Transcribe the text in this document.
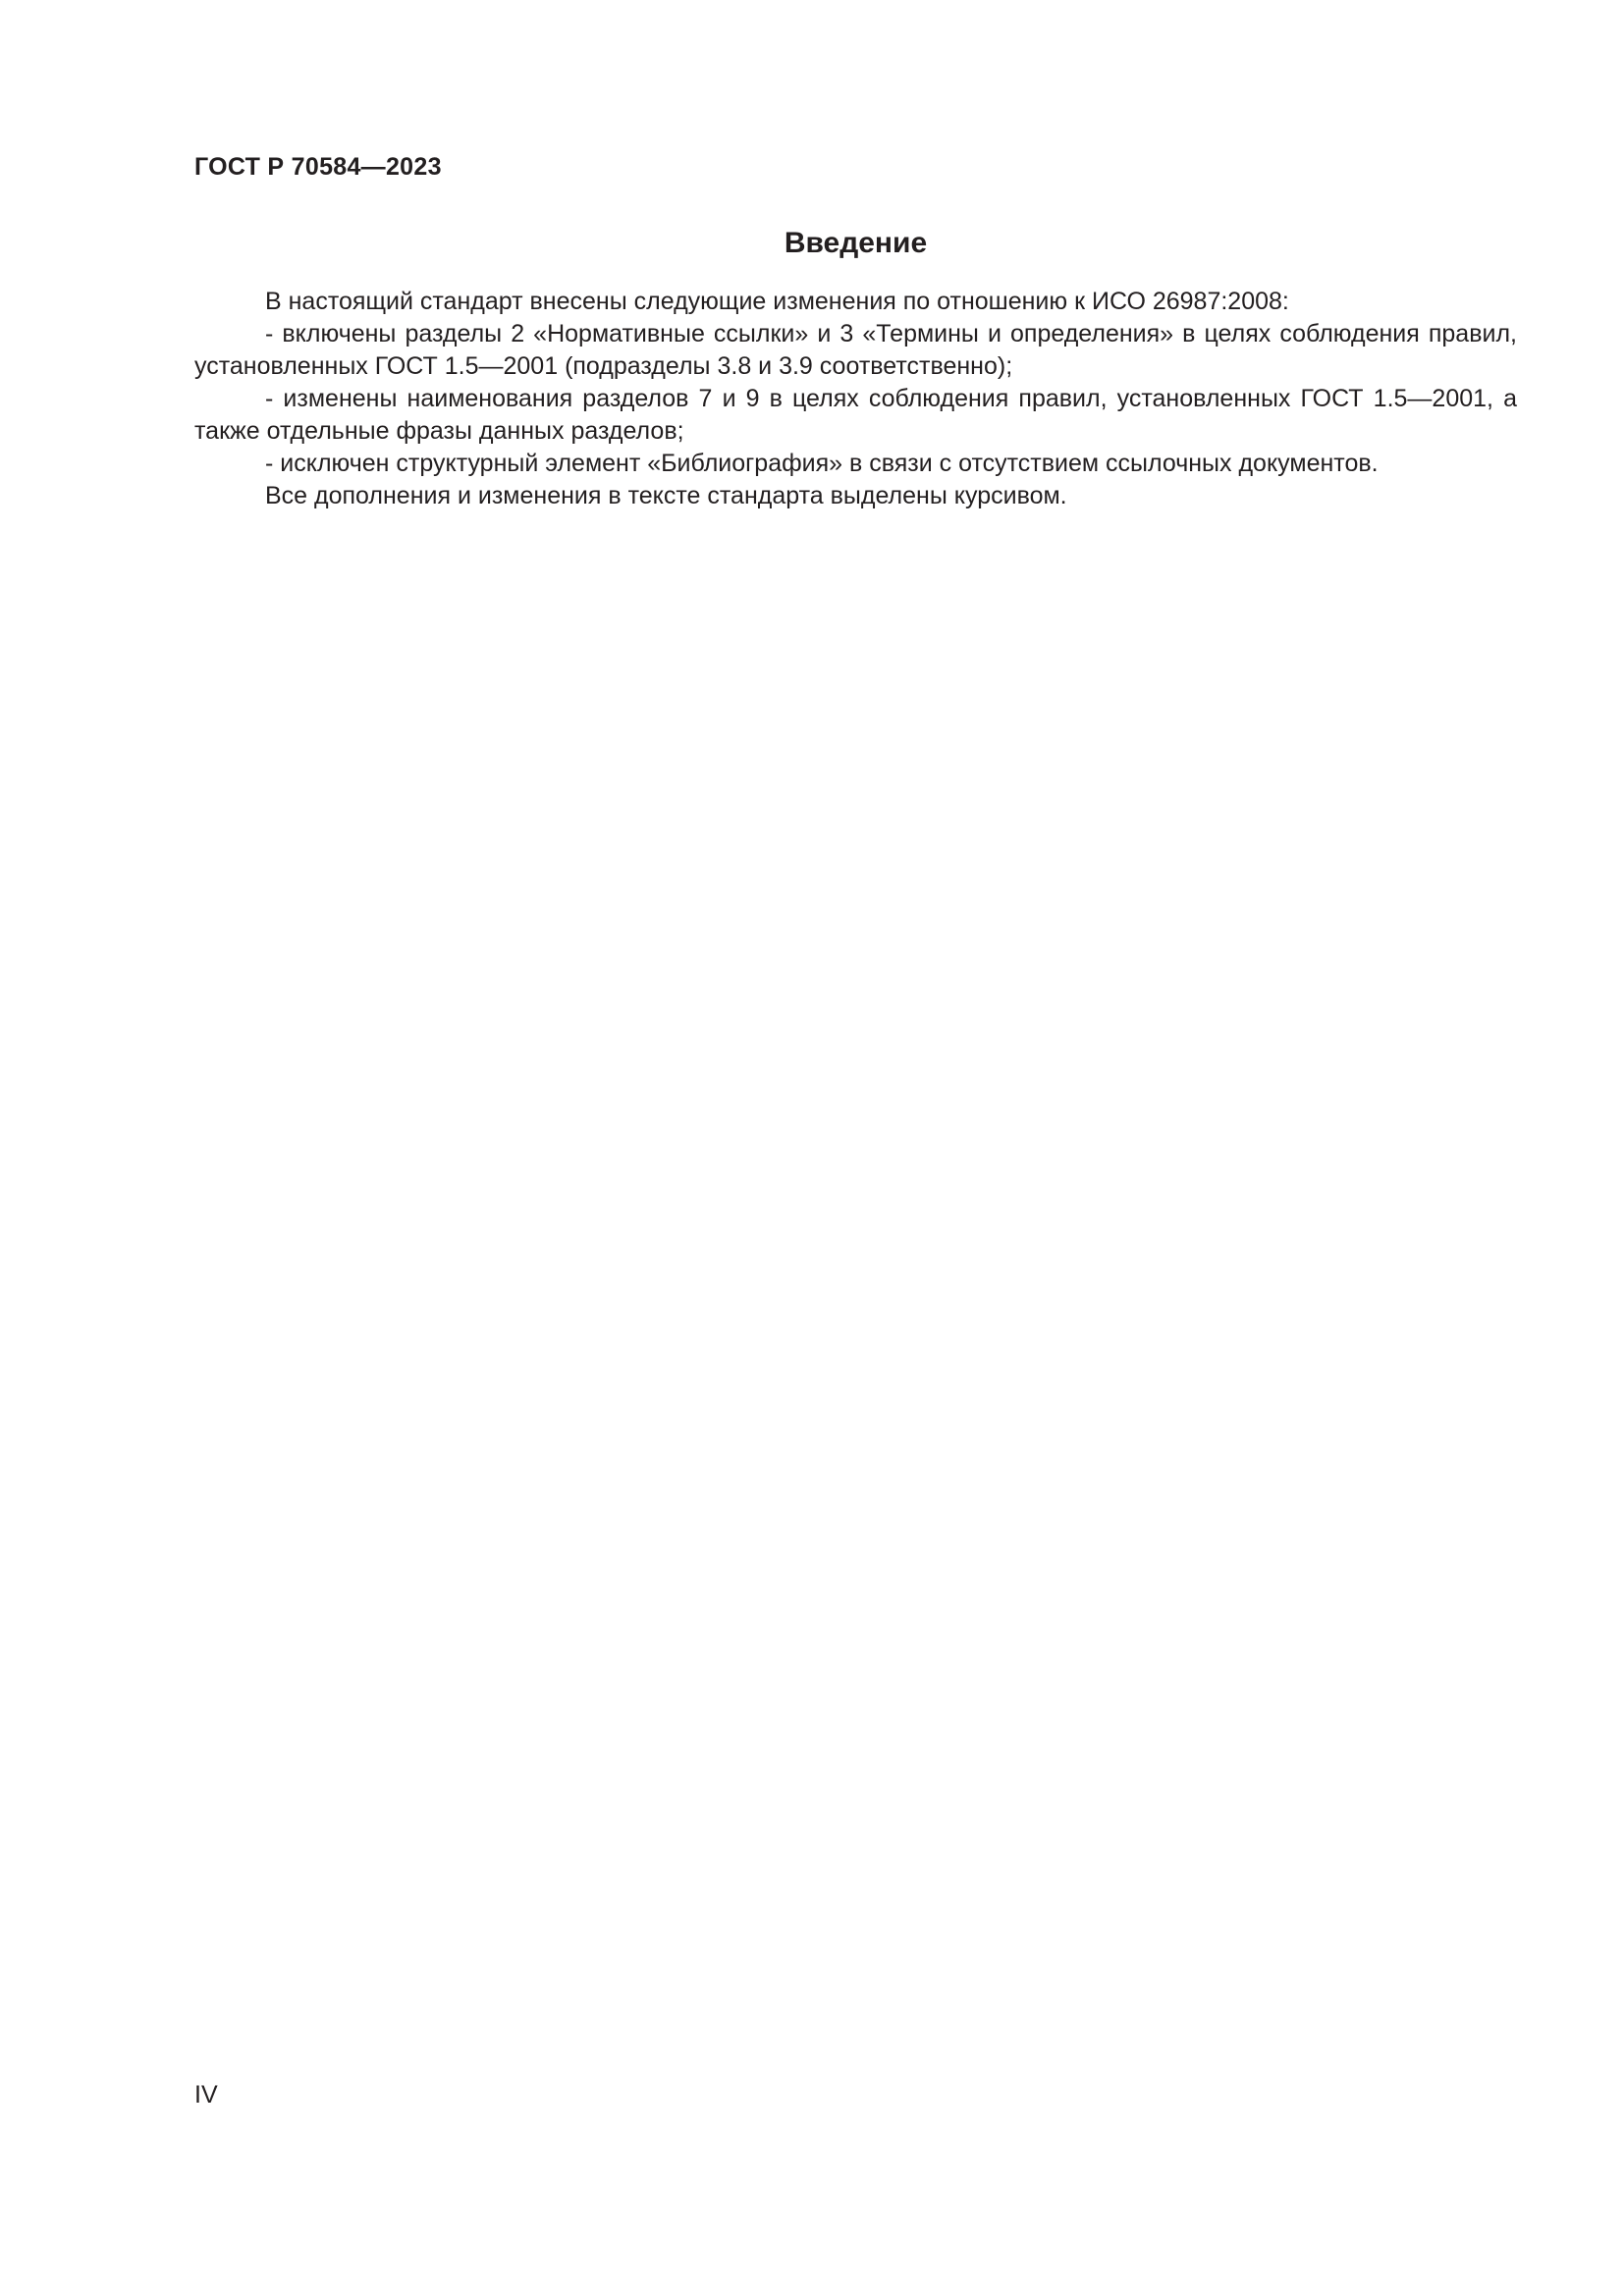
ГОСТ Р 70584—2023
Введение

В настоящий стандарт внесены следующие изменения по отношению к ИСО 26987:2008:

- включены разделы 2 «Нормативные ссылки» и 3 «Термины и определения» в целях соблюдения правил, установленных ГОСТ 1.5—2001 (подразделы 3.8 и 3.9 соответственно);

- изменены наименования разделов 7 и 9 в целях соблюдения правил, установленных ГОСТ 1.5—2001, а также отдельные фразы данных разделов;

- исключен структурный элемент «Библиография» в связи с отсутствием ссылочных документов.

Все дополнения и изменения в тексте стандарта выделены курсивом.

IV
